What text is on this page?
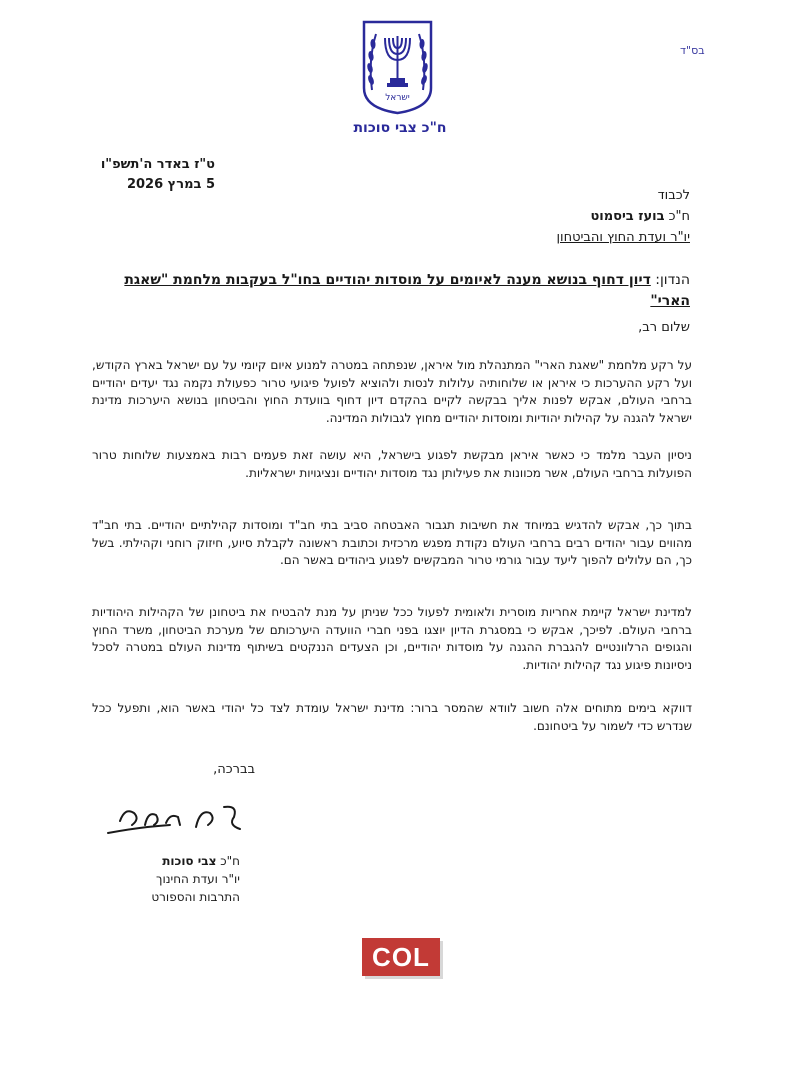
ישראל
בס"ד
ח"כ צבי סוכות
ט"ז באדר ה'תשפ"ו
5 במרץ 2026
לכבוד
ח"כ בועז ביסמוט
יו"ר ועדת החוץ והביטחון
הנדון: דיון דחוף בנושא מענה לאיומים על מוסדות יהודיים בחו"ל בעקבות מלחמת "שאגת הארי"
שלום רב,
על רקע מלחמת "שאגת הארי" המתנהלת מול איראן, שנפתחה במטרה למנוע איום קיומי על עם ישראל בארץ הקודש, ועל רקע ההערכות כי איראן או שלוחותיה עלולות לנסות ולהוציא לפועל פיגועי טרור כפעולת נקמה נגד יעדים יהודיים ברחבי העולם, אבקש לפנות אליך בבקשה לקיים בהקדם דיון דחוף בוועדת החוץ והביטחון בנושא היערכות מדינת ישראל להגנה על קהילות יהודיות ומוסדות יהודיים מחוץ לגבולות המדינה.
ניסיון העבר מלמד כי כאשר איראן מבקשת לפגוע בישראל, היא עושה זאת פעמים רבות באמצעות שלוחות טרור הפועלות ברחבי העולם, אשר מכוונות את פעילותן נגד מוסדות יהודיים ונציגויות ישראליות.
בתוך כך, אבקש להדגיש במיוחד את חשיבות תגבור האבטחה סביב בתי חב"ד ומוסדות קהילתיים יהודיים. בתי חב"ד מהווים עבור יהודים רבים ברחבי העולם נקודת מפגש מרכזית וכתובת ראשונה לקבלת סיוע, חיזוק רוחני וקהילתי. בשל כך, הם עלולים להפוך ליעד עבור גורמי טרור המבקשים לפגוע ביהודים באשר הם.
למדינת ישראל קיימת אחריות מוסרית ולאומית לפעול ככל שניתן על מנת להבטיח את ביטחונן של הקהילות היהודיות ברחבי העולם. לפיכך, אבקש כי במסגרת הדיון יוצגו בפני חברי הוועדה היערכותם של מערכת הביטחון, משרד החוץ והגופים הרלוונטיים להגברת ההגנה על מוסדות יהודיים, וכן הצעדים הננקטים בשיתוף מדינות העולם במטרה לסכל ניסיונות פיגוע נגד קהילות יהודיות.
דווקא בימים מתוחים אלה חשוב לוודא שהמסר ברור: מדינת ישראל עומדת לצד כל יהודי באשר הוא, ותפעל ככל שנדרש כדי לשמור על ביטחונם.
בברכה,
ח"כ צבי סוכות
יו"ר ועדת החינוך
התרבות והספורט
COL
